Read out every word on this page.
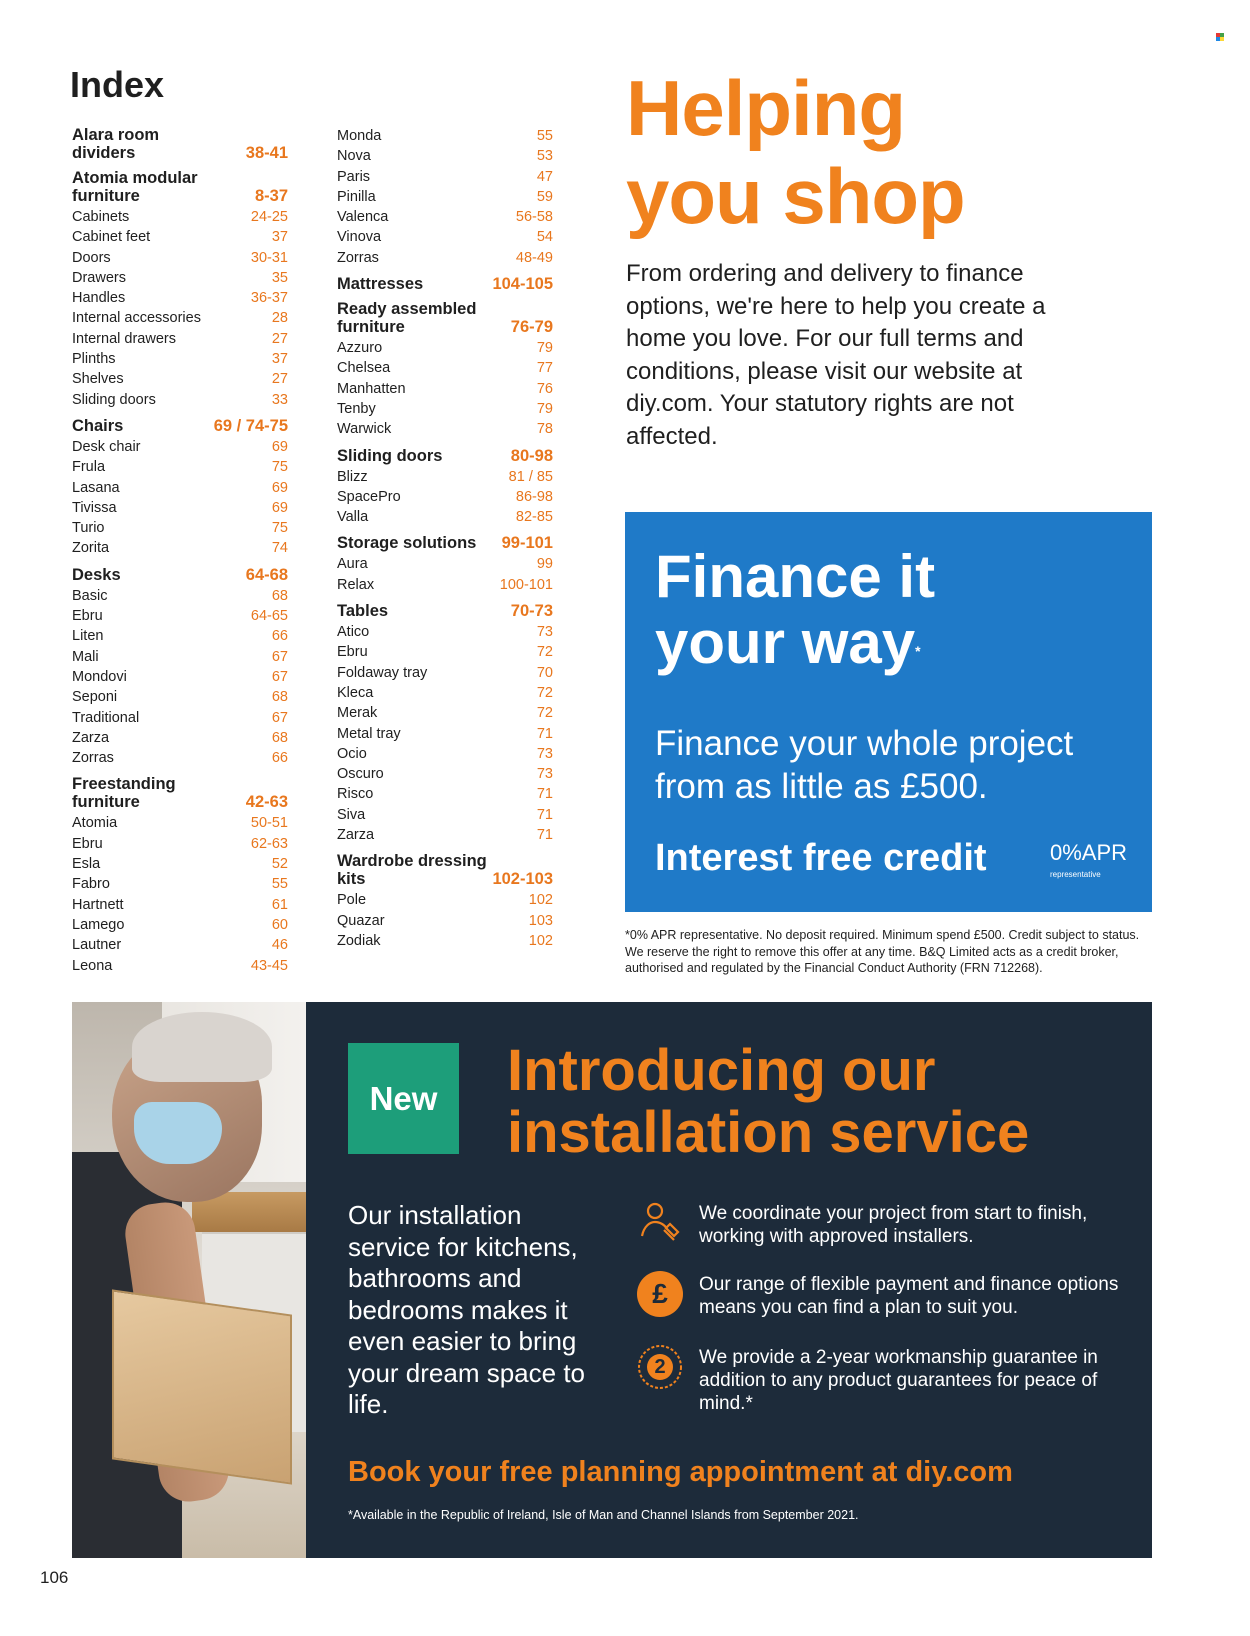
Index
Alara room dividers	38-41
Atomia modular furniture	8-37
Cabinets	24-25
Cabinet feet	37
Doors	30-31
Drawers	35
Handles	36-37
Internal accessories	28
Internal drawers	27
Plinths	37
Shelves	27
Sliding doors	33
Chairs	69 / 74-75
Desk chair	69
Frula	75
Lasana	69
Tivissa	69
Turio	75
Zorita	74
Desks	64-68
Basic	68
Ebru	64-65
Liten	66
Mali	67
Mondovi	67
Seponi	68
Traditional	67
Zarza	68
Zorras	66
Freestanding furniture	42-63
Atomia	50-51
Ebru	62-63
Esla	52
Fabro	55
Hartnett	61
Lamego	60
Lautner	46
Leona	43-45
Monda	55
Nova	53
Paris	47
Pinilla	59
Valenca	56-58
Vinova	54
Zorras	48-49
Mattresses	104-105
Ready assembled furniture	76-79
Azzuro	79
Chelsea	77
Manhatten	76
Tenby	79
Warwick	78
Sliding doors	80-98
Blizz	81 / 85
SpacePro	86-98
Valla	82-85
Storage solutions	99-101
Aura	99
Relax	100-101
Tables	70-73
Atico	73
Ebru	72
Foldaway tray	70
Kleca	72
Merak	72
Metal tray	71
Ocio	73
Oscuro	73
Risco	71
Siva	71
Zarza	71
Wardrobe dressing kits	102-103
Pole	102
Quazar	103
Zodiak	102
Helping
you shop

From ordering and delivery to finance options, we're here to help you create a home you love. For our full terms and conditions, please visit our website at diy.com. Your statutory rights are not affected.

Finance it
your way*
Finance your whole project from as little as £500.
Interest free credit	0%APR
representative

*0% APR representative. No deposit required. Minimum spend £500. Credit subject to status. We reserve the right to remove this offer at any time. B&Q Limited acts as a credit broker, authorised and regulated by the Financial Conduct Authority (FRN 712268).

New	Introducing our
installation service

Our installation service for kitchens, bathrooms and bedrooms makes it even easier to bring your dream space to life.

We coordinate your project from start to finish, working with approved installers.

£	Our range of flexible payment and finance options means you can find a plan to suit you.

2	We provide a 2-year workmanship guarantee in addition to any product guarantees for peace of mind.*

Book your free planning appointment at diy.com

*Available in the Republic of Ireland, Isle of Man and Channel Islands from September 2021.

106
